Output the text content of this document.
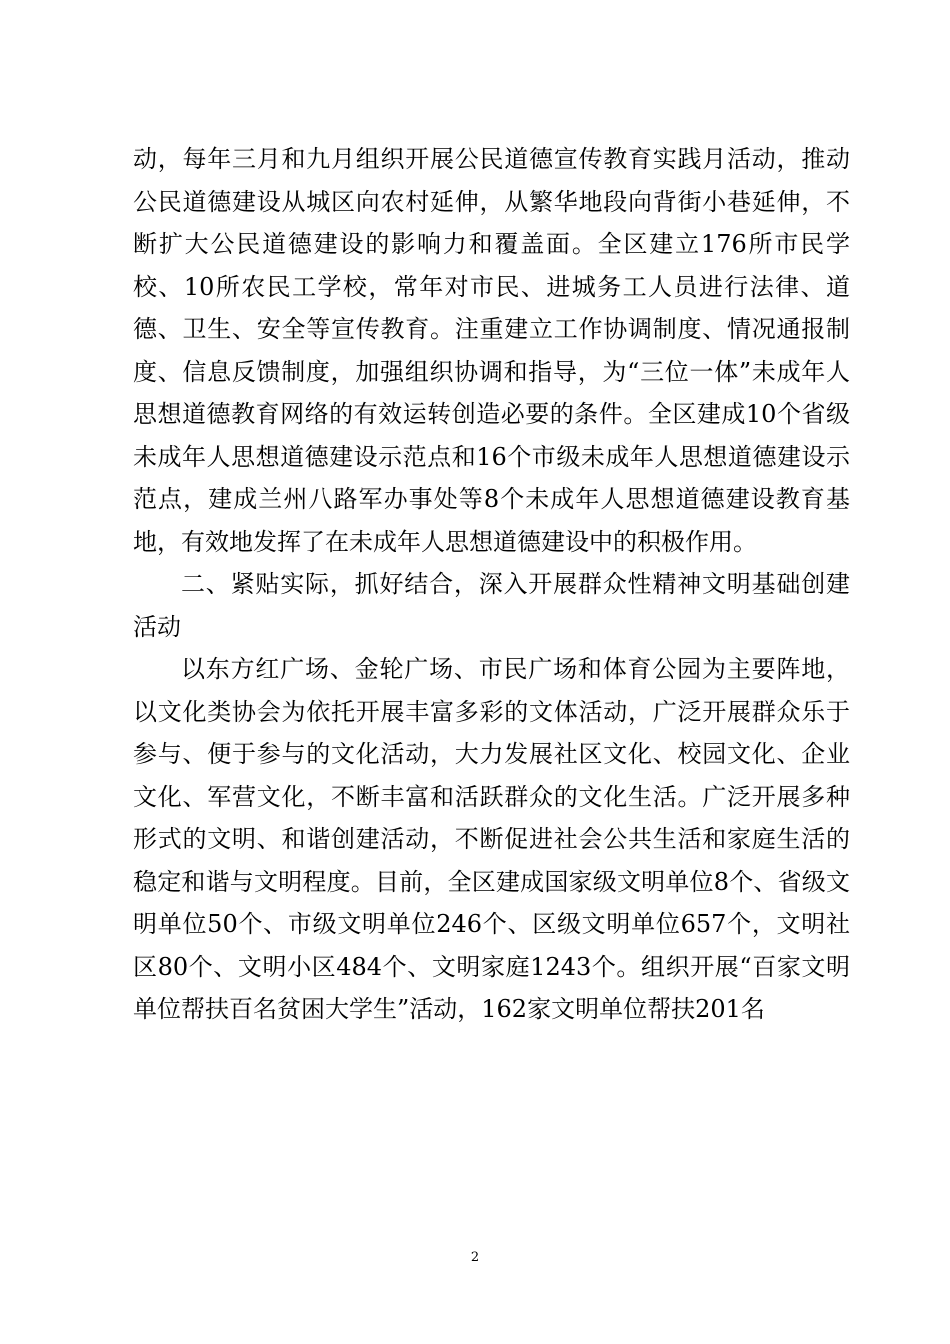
动，每年三月和九月组织开展公民道德宣传教育实践月活动，推动公民道德建设从城区向农村延伸，从繁华地段向背街小巷延伸，不断扩大公民道德建设的影响力和覆盖面。全区建立176所市民学校、10所农民工学校，常年对市民、进城务工人员进行法律、道德、卫生、安全等宣传教育。注重建立工作协调制度、情况通报制度、信息反馈制度，加强组织协调和指导，为“三位一体”未成年人思想道德教育网络的有效运转创造必要的条件。全区建成10个省级未成年人思想道德建设示范点和16个市级未成年人思想道德建设示范点，建成兰州八路军办事处等8个未成年人思想道德建设教育基地，有效地发挥了在未成年人思想道德建设中的积极作用。

二、紧贴实际，抓好结合，深入开展群众性精神文明基础创建活动

以东方红广场、金轮广场、市民广场和体育公园为主要阵地，以文化类协会为依托开展丰富多彩的文体活动，广泛开展群众乐于参与、便于参与的文化活动，大力发展社区文化、校园文化、企业文化、军营文化，不断丰富和活跃群众的文化生活。广泛开展多种形式的文明、和谐创建活动，不断促进社会公共生活和家庭生活的稳定和谐与文明程度。目前，全区建成国家级文明单位8个、省级文明单位50个、市级文明单位246个、区级文明单位657个，文明社区80个、文明小区484个、文明家庭1243个。组织开展“百家文明单位帮扶百名贫困大学生”活动，162家文明单位帮扶201名

2
